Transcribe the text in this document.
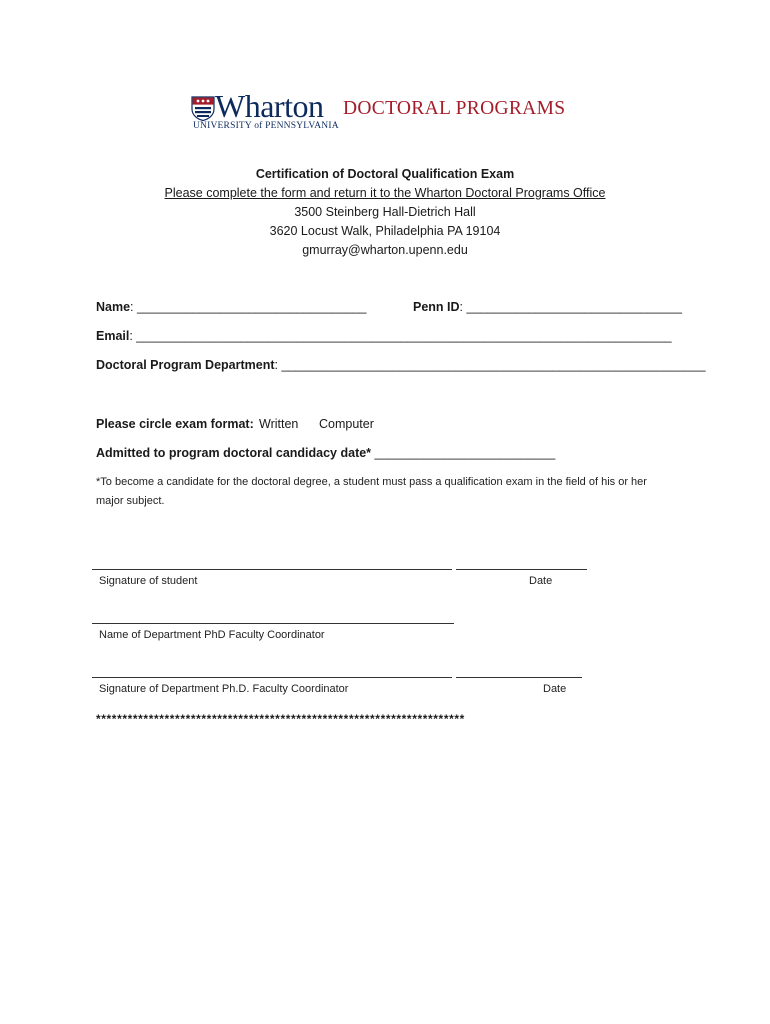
Wharton
UNIVERSITY of PENNSYLVANIA
DOCTORAL PROGRAMS
Certification of Doctoral Qualification Exam
Please complete the form and return it to the Wharton Doctoral Programs Office
3500 Steinberg Hall-Dietrich Hall
3620 Locust Walk, Philadelphia PA 19104
gmurray@wharton.upenn.edu
Name: _________________________________	Penn ID: _______________________________
Email: _____________________________________________________________________________
Doctoral Program Department: _____________________________________________________________
Please circle exam format: Written Computer
Admitted to program doctoral candidacy date* __________________________
*To become a candidate for the doctoral degree, a student must pass a qualification exam in the field of his or her
major subject.
Signature of student	Date
Name of Department PhD Faculty Coordinator
Signature of Department Ph.D. Faculty Coordinator	Date
**********************************************************************
